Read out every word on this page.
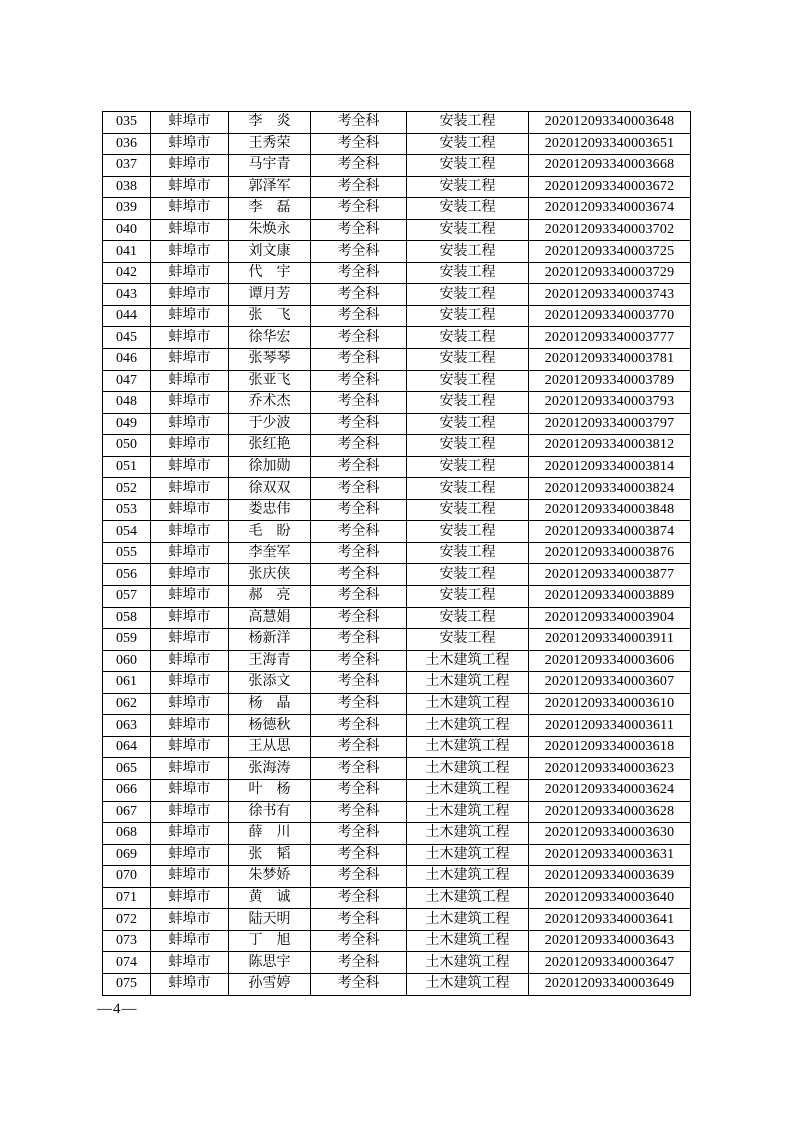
035	蚌埠市	李　炎	考全科	安装工程	202012093340003648
036	蚌埠市	王秀荣	考全科	安装工程	202012093340003651
037	蚌埠市	马宇青	考全科	安装工程	202012093340003668
038	蚌埠市	郭泽军	考全科	安装工程	202012093340003672
039	蚌埠市	李　磊	考全科	安装工程	202012093340003674
040	蚌埠市	朱焕永	考全科	安装工程	202012093340003702
041	蚌埠市	刘文康	考全科	安装工程	202012093340003725
042	蚌埠市	代　宇	考全科	安装工程	202012093340003729
043	蚌埠市	谭月芳	考全科	安装工程	202012093340003743
044	蚌埠市	张　飞	考全科	安装工程	202012093340003770
045	蚌埠市	徐华宏	考全科	安装工程	202012093340003777
046	蚌埠市	张琴琴	考全科	安装工程	202012093340003781
047	蚌埠市	张亚飞	考全科	安装工程	202012093340003789
048	蚌埠市	乔术杰	考全科	安装工程	202012093340003793
049	蚌埠市	于少波	考全科	安装工程	202012093340003797
050	蚌埠市	张红艳	考全科	安装工程	202012093340003812
051	蚌埠市	徐加勋	考全科	安装工程	202012093340003814
052	蚌埠市	徐双双	考全科	安装工程	202012093340003824
053	蚌埠市	娄忠伟	考全科	安装工程	202012093340003848
054	蚌埠市	毛　盼	考全科	安装工程	202012093340003874
055	蚌埠市	李奎军	考全科	安装工程	202012093340003876
056	蚌埠市	张庆侠	考全科	安装工程	202012093340003877
057	蚌埠市	郝　亮	考全科	安装工程	202012093340003889
058	蚌埠市	高慧娟	考全科	安装工程	202012093340003904
059	蚌埠市	杨新洋	考全科	安装工程	202012093340003911
060	蚌埠市	王海青	考全科	土木建筑工程	202012093340003606
061	蚌埠市	张添文	考全科	土木建筑工程	202012093340003607
062	蚌埠市	杨　晶	考全科	土木建筑工程	202012093340003610
063	蚌埠市	杨德秋	考全科	土木建筑工程	202012093340003611
064	蚌埠市	王从思	考全科	土木建筑工程	202012093340003618
065	蚌埠市	张海涛	考全科	土木建筑工程	202012093340003623
066	蚌埠市	叶　杨	考全科	土木建筑工程	202012093340003624
067	蚌埠市	徐书有	考全科	土木建筑工程	202012093340003628
068	蚌埠市	薛　川	考全科	土木建筑工程	202012093340003630
069	蚌埠市	张　韬	考全科	土木建筑工程	202012093340003631
070	蚌埠市	朱梦娇	考全科	土木建筑工程	202012093340003639
071	蚌埠市	黄　诚	考全科	土木建筑工程	202012093340003640
072	蚌埠市	陆天明	考全科	土木建筑工程	202012093340003641
073	蚌埠市	丁　旭	考全科	土木建筑工程	202012093340003643
074	蚌埠市	陈思宇	考全科	土木建筑工程	202012093340003647
075	蚌埠市	孙雪婷	考全科	土木建筑工程	202012093340003649
—4—
